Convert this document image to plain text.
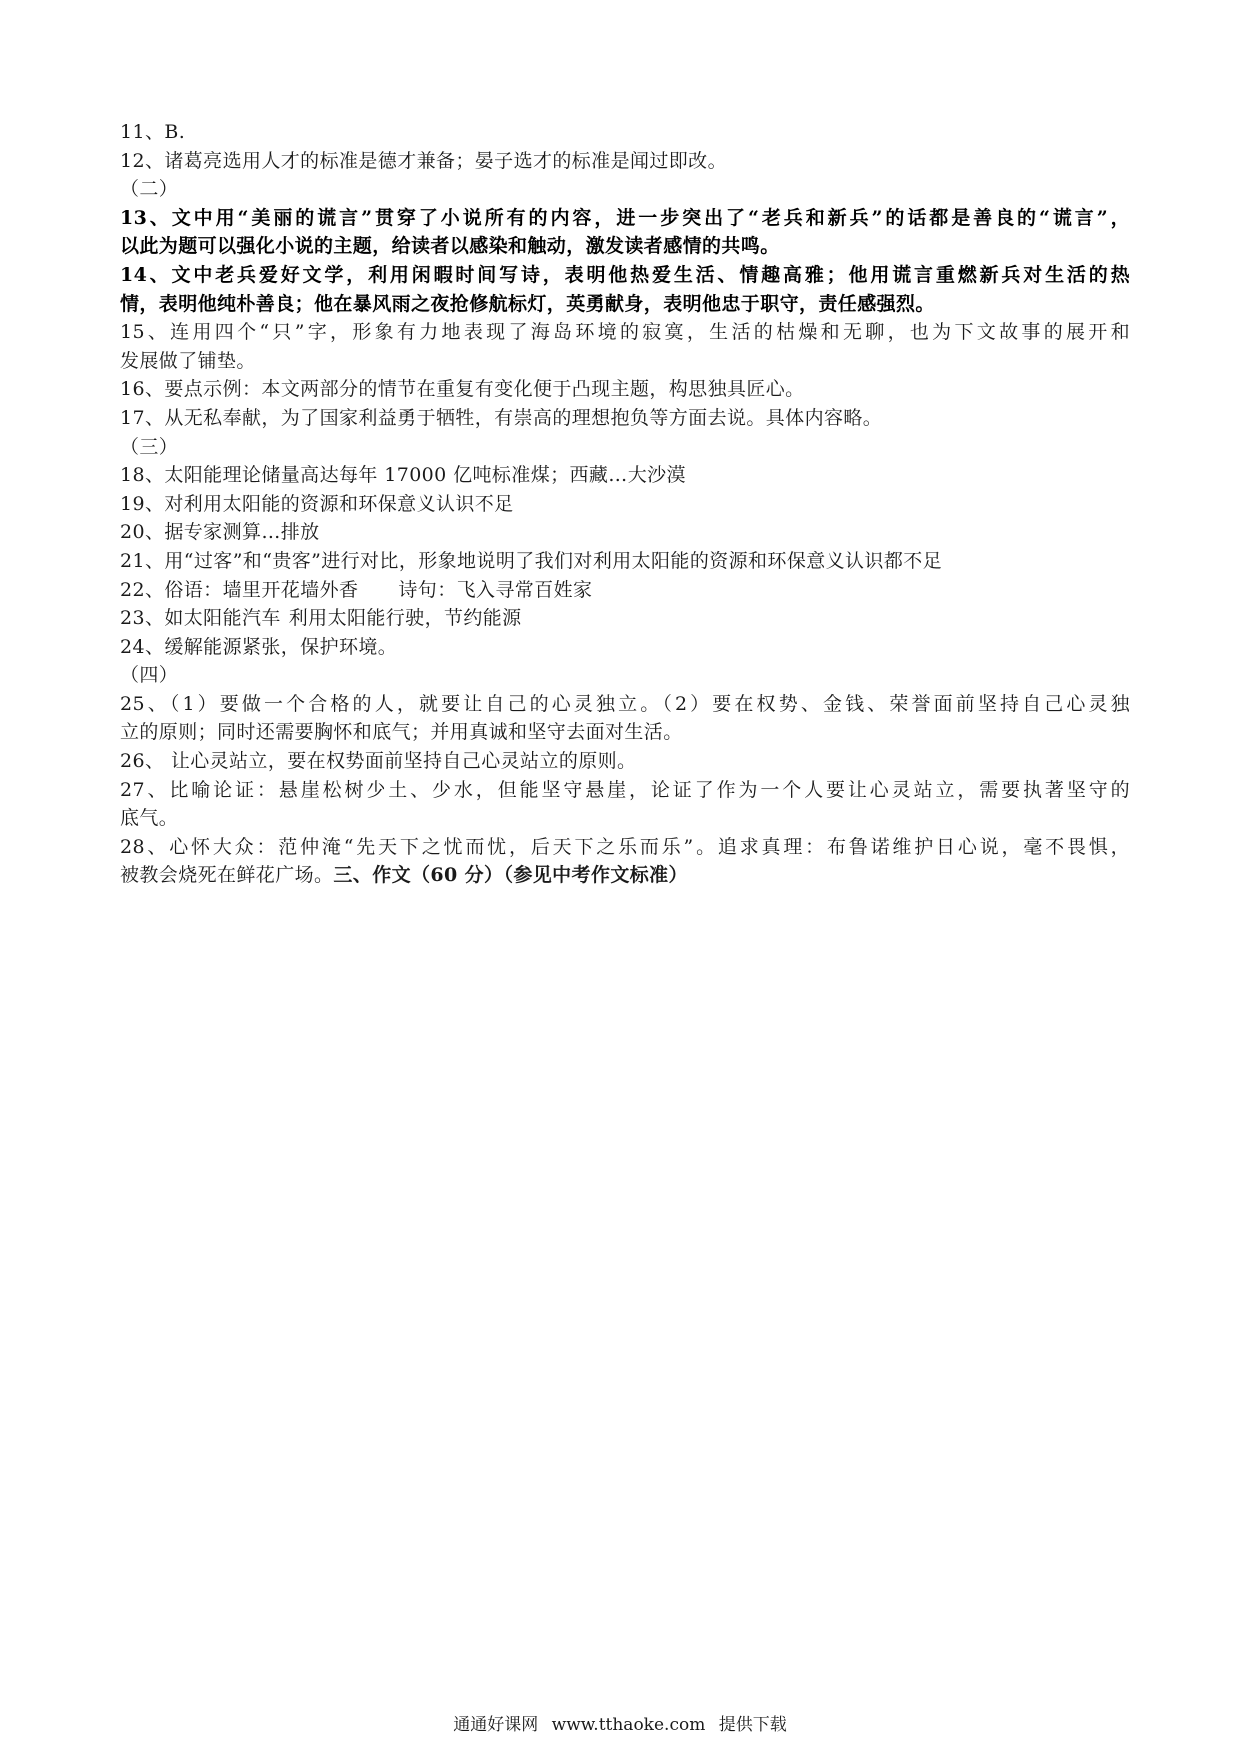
11、B.
12、诸葛亮选用人才的标准是德才兼备；晏子选才的标准是闻过即改。
（二）
13、文中用“美丽的谎言”贯穿了小说所有的内容，进一步突出了“老兵和新兵”的话都是善良的“谎言”，
以此为题可以强化小说的主题，给读者以感染和触动，激发读者感情的共鸣。
14、文中老兵爱好文学，利用闲暇时间写诗，表明他热爱生活、情趣高雅；他用谎言重燃新兵对生活的热
情，表明他纯朴善良；他在暴风雨之夜抢修航标灯，英勇献身，表明他忠于职守，责任感强烈。
15、连用四个“只”字，形象有力地表现了海岛环境的寂寞，生活的枯燥和无聊，也为下文故事的展开和
发展做了铺垫。
16、要点示例：本文两部分的情节在重复有变化便于凸现主题，构思独具匠心。
17、从无私奉献，为了国家利益勇于牺牲，有崇高的理想抱负等方面去说。具体内容略。
（三）
18、太阳能理论储量高达每年 17000 亿吨标准煤；西藏…大沙漠
19、对利用太阳能的资源和环保意义认识不足
20、据专家测算…排放
21、用“过客”和“贵客”进行对比，形象地说明了我们对利用太阳能的资源和环保意义认识都不足
22、俗语：墙里开花墙外香 诗句：飞入寻常百姓家
23、如太阳能汽车 利用太阳能行驶，节约能源
24、缓解能源紧张，保护环境。
（四）
25、（1）要做一个合格的人，就要让自己的心灵独立。（2）要在权势、金钱、荣誉面前坚持自己心灵独
立的原则；同时还需要胸怀和底气；并用真诚和坚守去面对生活。
26、 让心灵站立，要在权势面前坚持自己心灵站立的原则。
27、比喻论证：悬崖松树少土、少水，但能坚守悬崖，论证了作为一个人要让心灵站立，需要执著坚守的
底气。
28、心怀大众：范仲淹“先天下之忧而忧，后天下之乐而乐”。追求真理：布鲁诺维护日心说，毫不畏惧，
被教会烧死在鲜花广场。三、作文（60 分）（参见中考作文标准）
通通好课网 www.tthaoke.com 提供下载
